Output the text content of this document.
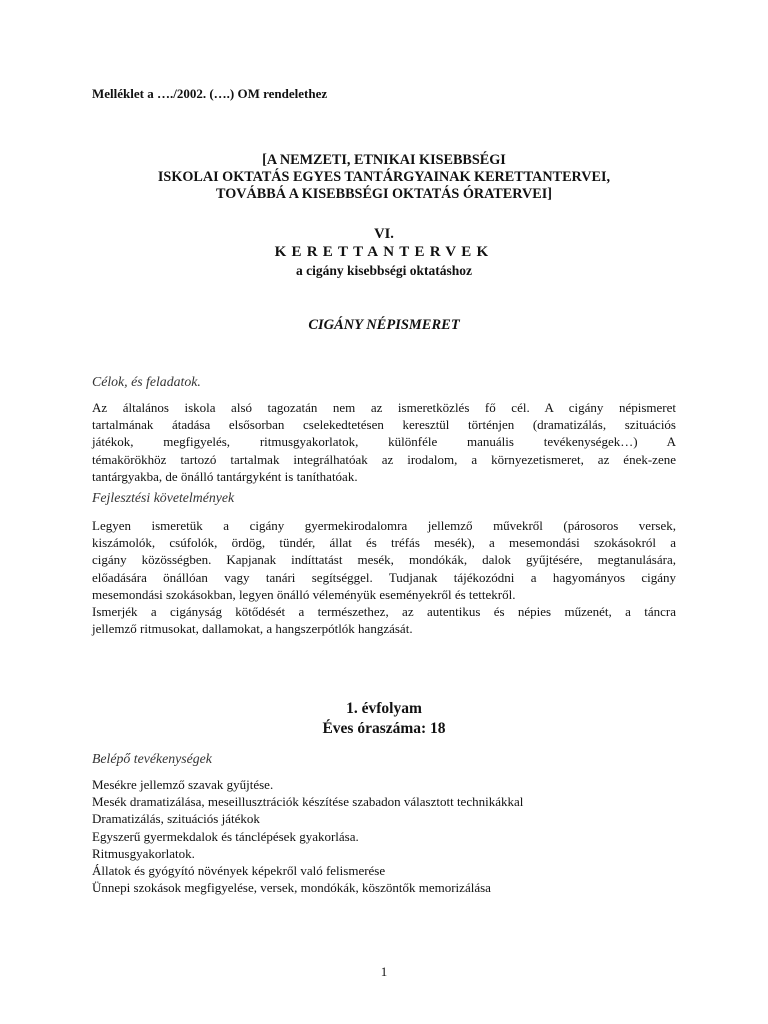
Melléklet a …./2002. (….) OM rendelethez
[A NEMZETI, ETNIKAI KISEBBSÉGI
ISKOLAI OKTATÁS EGYES TANTÁRGYAINAK KERETTANTERVEI,
TOVÁBBÁ A KISEBBSÉGI OKTATÁS ÓRATERVEI]
VI.
KERETTANTERVEK
a cigány kisebbségi oktatáshoz
CIGÁNY NÉPISMERET
Célok, és feladatok.
Az általános iskola alsó tagozatán nem az ismeretközlés fő cél. A cigány népismeret
tartalmának átadása elsősorban cselekedtetésen keresztül történjen (dramatizálás, szituációs
játékok, megfigyelés, ritmusgyakorlatok, különféle manuális tevékenységek…) A
témakörökhöz tartozó tartalmak integrálhatóak az irodalom, a környezetismeret, az ének-zene
tantárgyakba, de önálló tantárgyként is taníthatóak.
Fejlesztési követelmények
Legyen ismeretük a cigány gyermekirodalomra jellemző művekről (párosoros versek,
kiszámolók, csúfolók, ördög, tündér, állat és tréfás mesék), a mesemondási szokásokról a
cigány közösségben. Kapjanak indíttatást mesék, mondókák, dalok gyűjtésére, megtanulására,
előadására önállóan vagy tanári segítséggel. Tudjanak tájékozódni a hagyományos cigány
mesemondási szokásokban, legyen önálló véleményük eseményekről és tettekről.
Ismerjék a cigányság kötődését a természethez, az autentikus és népies műzenét, a táncra
jellemző ritmusokat, dallamokat, a hangszerpótlók hangzását.
1. évfolyam
Éves óraszáma: 18
Belépő tevékenységek
Mesékre jellemző szavak gyűjtése.
Mesék dramatizálása, meseillusztrációk készítése szabadon választott technikákkal
Dramatizálás, szituációs játékok
Egyszerű gyermekdalok és tánclépések gyakorlása.
Ritmusgyakorlatok.
Állatok és gyógyító növények képekről való felismerése
Ünnepi szokások megfigyelése, versek, mondókák, köszöntők memorizálása
1
